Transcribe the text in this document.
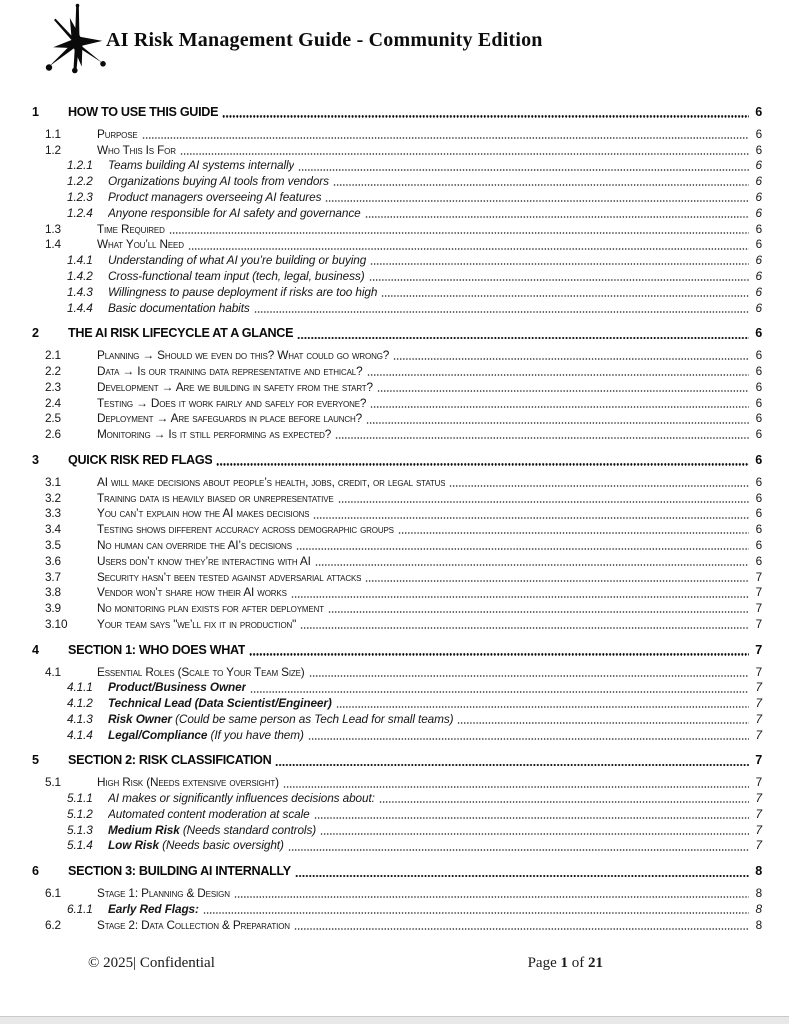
AI Risk Management Guide - Community Edition
1	HOW TO USE THIS GUIDE	6
1.1	Purpose	6
1.2	Who This Is For	6
1.2.1	Teams building AI systems internally	6
1.2.2	Organizations buying AI tools from vendors	6
1.2.3	Product managers overseeing AI features	6
1.2.4	Anyone responsible for AI safety and governance	6
1.3	Time Required	6
1.4	What You’ll Need	6
1.4.1	Understanding of what AI you’re building or buying	6
1.4.2	Cross-functional team input (tech, legal, business)	6
1.4.3	Willingness to pause deployment if risks are too high	6
1.4.4	Basic documentation habits	6
2	THE AI RISK LIFECYCLE AT A GLANCE	6
2.1	Planning → Should we even do this? What could go wrong?	6
2.2	Data → Is our training data representative and ethical?	6
2.3	Development → Are we building in safety from the start?	6
2.4	Testing → Does it work fairly and safely for everyone?	6
2.5	Deployment → Are safeguards in place before launch?	6
2.6	Monitoring → Is it still performing as expected?	6
3	QUICK RISK RED FLAGS	6
3.1	AI will make decisions about people’s health, jobs, credit, or legal status	6
3.2	Training data is heavily biased or unrepresentative	6
3.3	You can’t explain how the AI makes decisions	6
3.4	Testing shows different accuracy across demographic groups	6
3.5	No human can override the AI’s decisions	6
3.6	Users don’t know they’re interacting with AI	6
3.7	Security hasn’t been tested against adversarial attacks	7
3.8	Vendor won’t share how their AI works	7
3.9	No monitoring plan exists for after deployment	7
3.10	Your team says "we’ll fix it in production"	7
4	SECTION 1: WHO DOES WHAT	7
4.1	Essential Roles (Scale to Your Team Size)	7
4.1.1	Product/Business Owner	7
4.1.2	Technical Lead (Data Scientist/Engineer)	7
4.1.3	Risk Owner (Could be same person as Tech Lead for small teams)	7
4.1.4	Legal/Compliance (If you have them)	7
5	SECTION 2: RISK CLASSIFICATION	7
5.1	High Risk (Needs extensive oversight)	7
5.1.1	AI makes or significantly influences decisions about:	7
5.1.2	Automated content moderation at scale	7
5.1.3	Medium Risk (Needs standard controls)	7
5.1.4	Low Risk (Needs basic oversight)	7
6	SECTION 3: BUILDING AI INTERNALLY	8
6.1	Stage 1: Planning & Design	8
6.1.1	Early Red Flags:	8
6.2	Stage 2: Data Collection & Preparation	8
© 2025| Confidential	Page 1 of 21
